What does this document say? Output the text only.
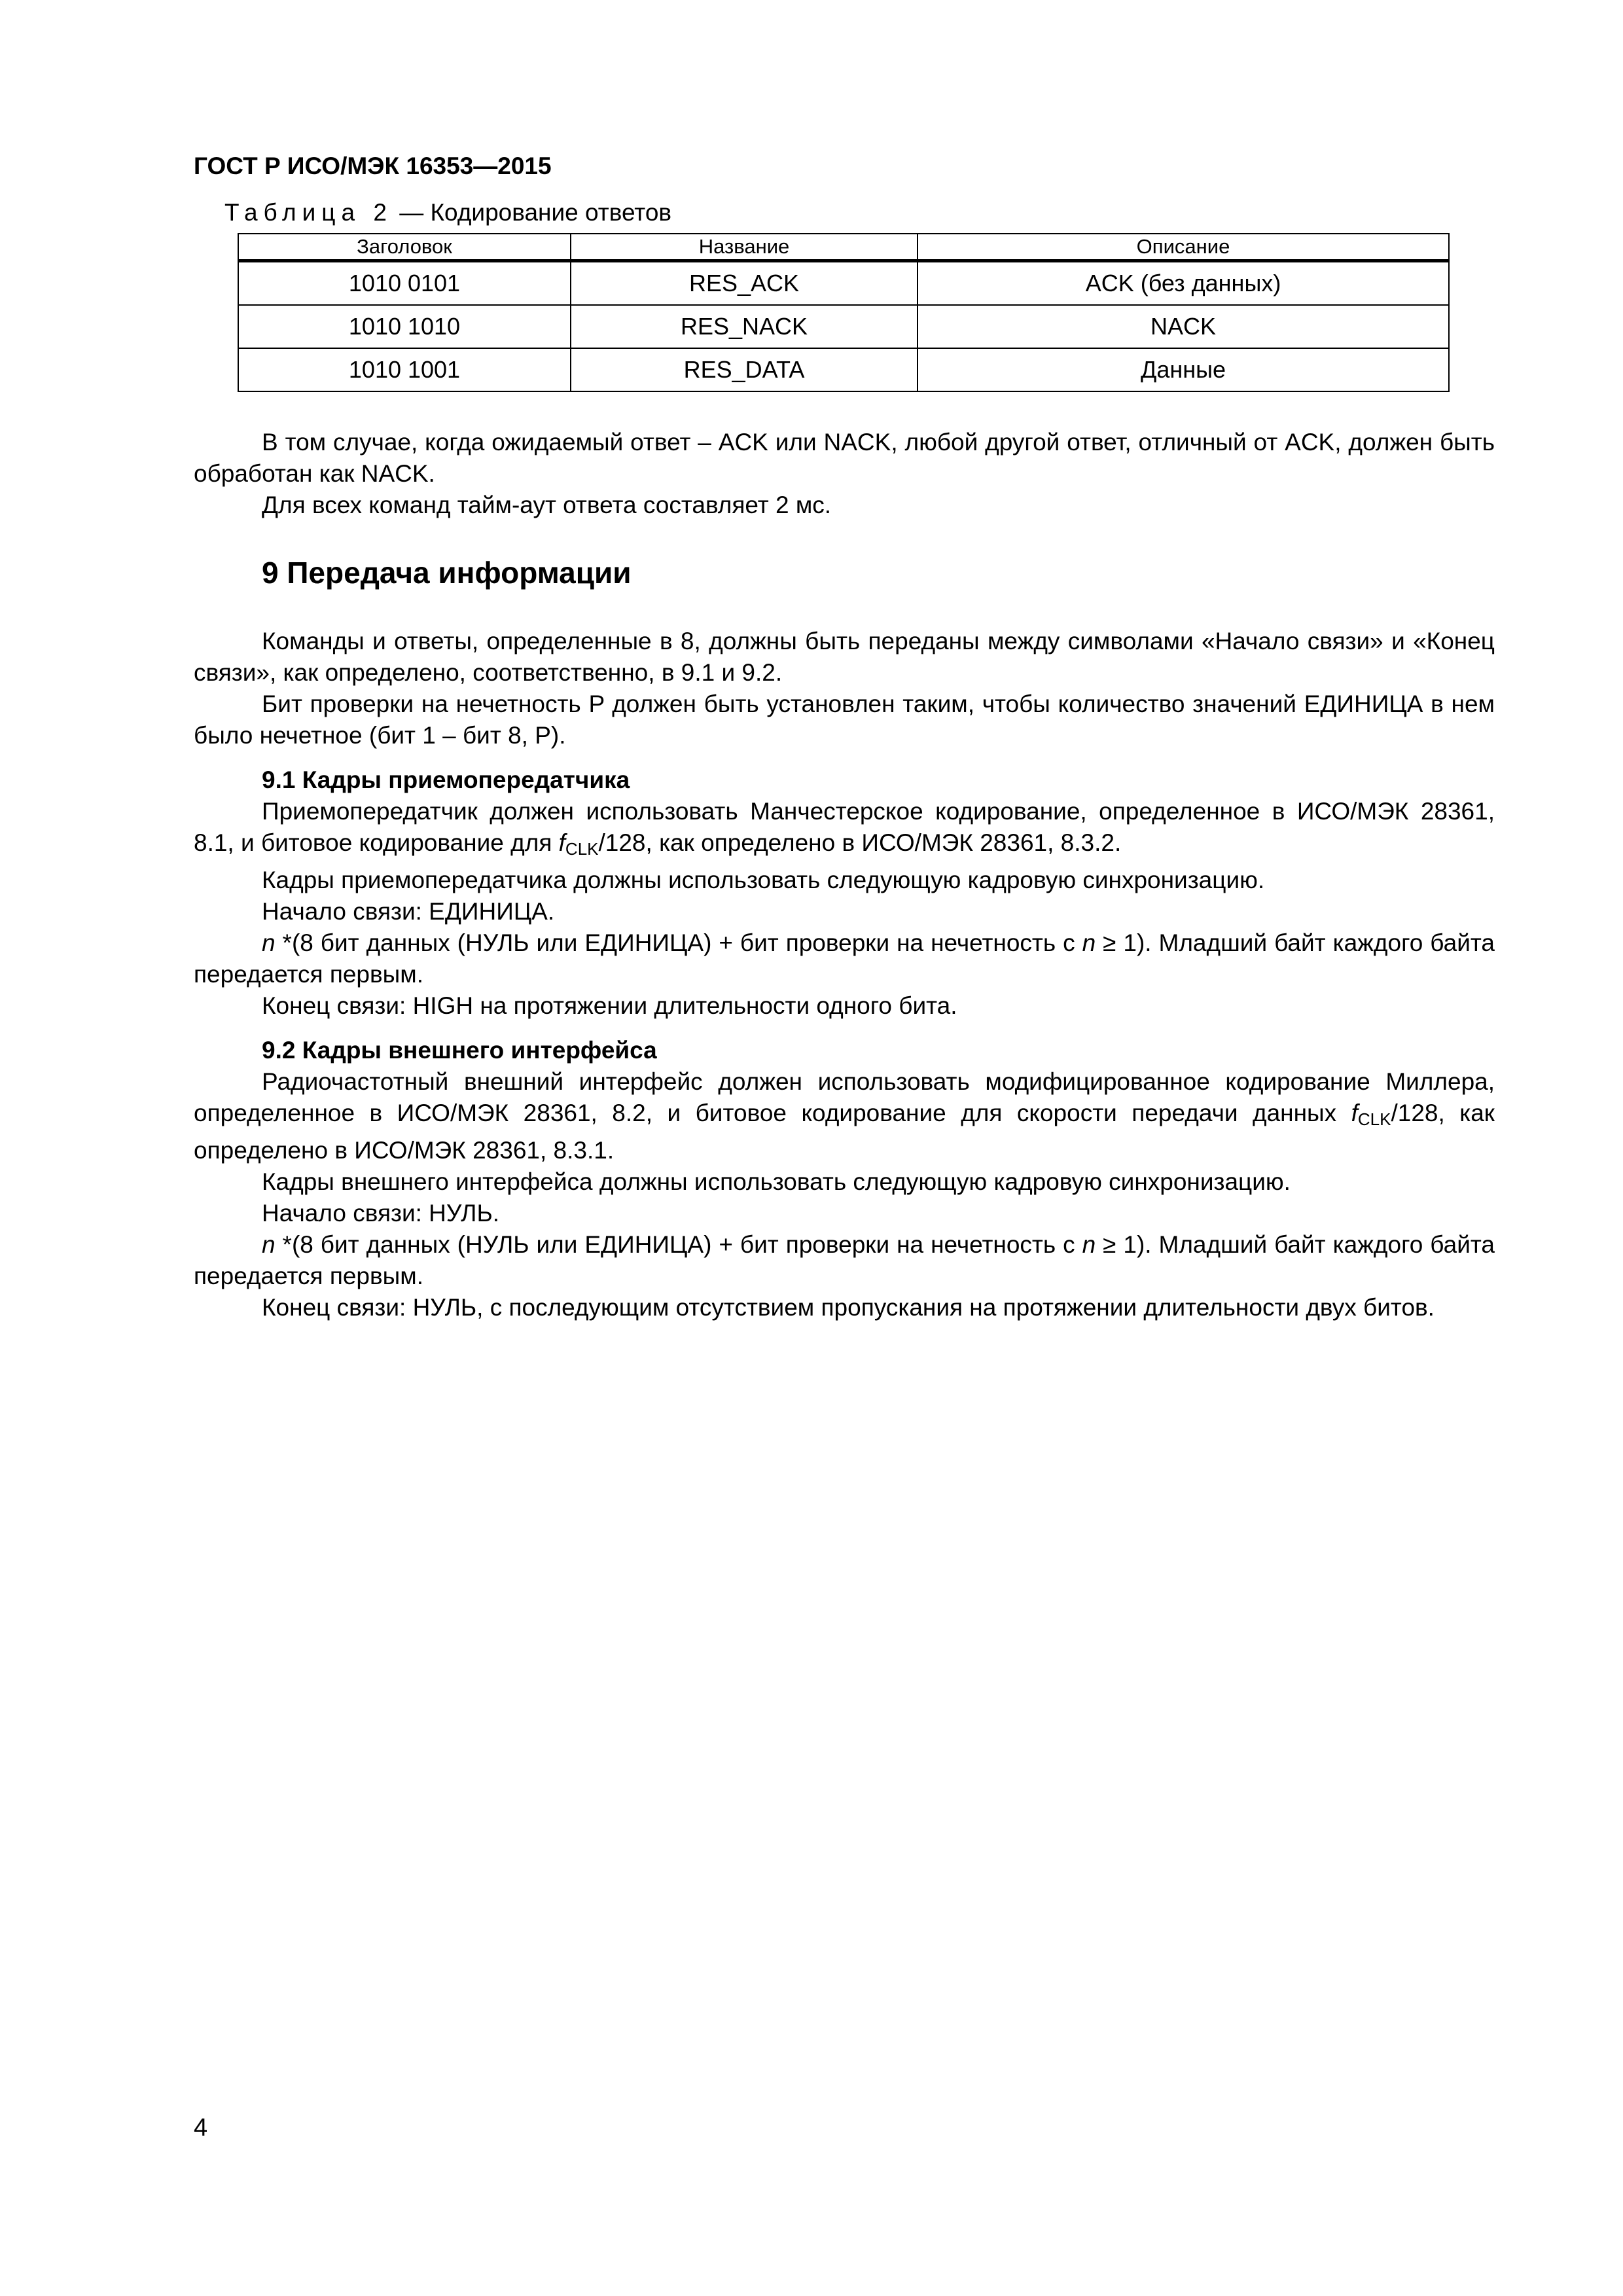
ГОСТ Р ИСО/МЭК 16353—2015
Таблица 2 — Кодирование ответов
Заголовок	Название	Описание
1010 0101	RES_ACK	ACK (без данных)
1010 1010	RES_NACK	NACK
1010 1001	RES_DATA	Данные

В том случае, когда ожидаемый ответ – ACK или NACK, любой другой ответ, отличный от ACK, должен быть обработан как NACK.

Для всех команд тайм-аут ответа составляет 2 мс.

9 Передача информации

Команды и ответы, определенные в 8, должны быть переданы между символами «Начало связи» и «Конец связи», как определено, соответственно, в 9.1 и 9.2.

Бит проверки на нечетность P должен быть установлен таким, чтобы количество значений ЕДИНИЦА в нем было нечетное (бит 1 – бит 8, P).

9.1 Кадры приемопередатчика

Приемопередатчик должен использовать Манчестерское кодирование, определенное в ИСО/МЭК 28361, 8.1, и битовое кодирование для fCLK/128, как определено в ИСО/МЭК 28361, 8.3.2.

Кадры приемопередатчика должны использовать следующую кадровую синхронизацию.

Начало связи: ЕДИНИЦА.

n *(8 бит данных (НУЛЬ или ЕДИНИЦА) + бит проверки на нечетность с n ≥ 1). Младший байт каждого байта передается первым.

Конец связи: HIGH на протяжении длительности одного бита.

9.2 Кадры внешнего интерфейса

Радиочастотный внешний интерфейс должен использовать модифицированное кодирование Миллера, определенное в ИСО/МЭК 28361, 8.2, и битовое кодирование для скорости передачи данных fCLK/128, как определено в ИСО/МЭК 28361, 8.3.1.

Кадры внешнего интерфейса должны использовать следующую кадровую синхронизацию.

Начало связи: НУЛЬ.

n *(8 бит данных (НУЛЬ или ЕДИНИЦА) + бит проверки на нечетность с n ≥ 1). Младший байт каждого байта передается первым.

Конец связи: НУЛЬ, с последующим отсутствием пропускания на протяжении длительности двух битов.

4
